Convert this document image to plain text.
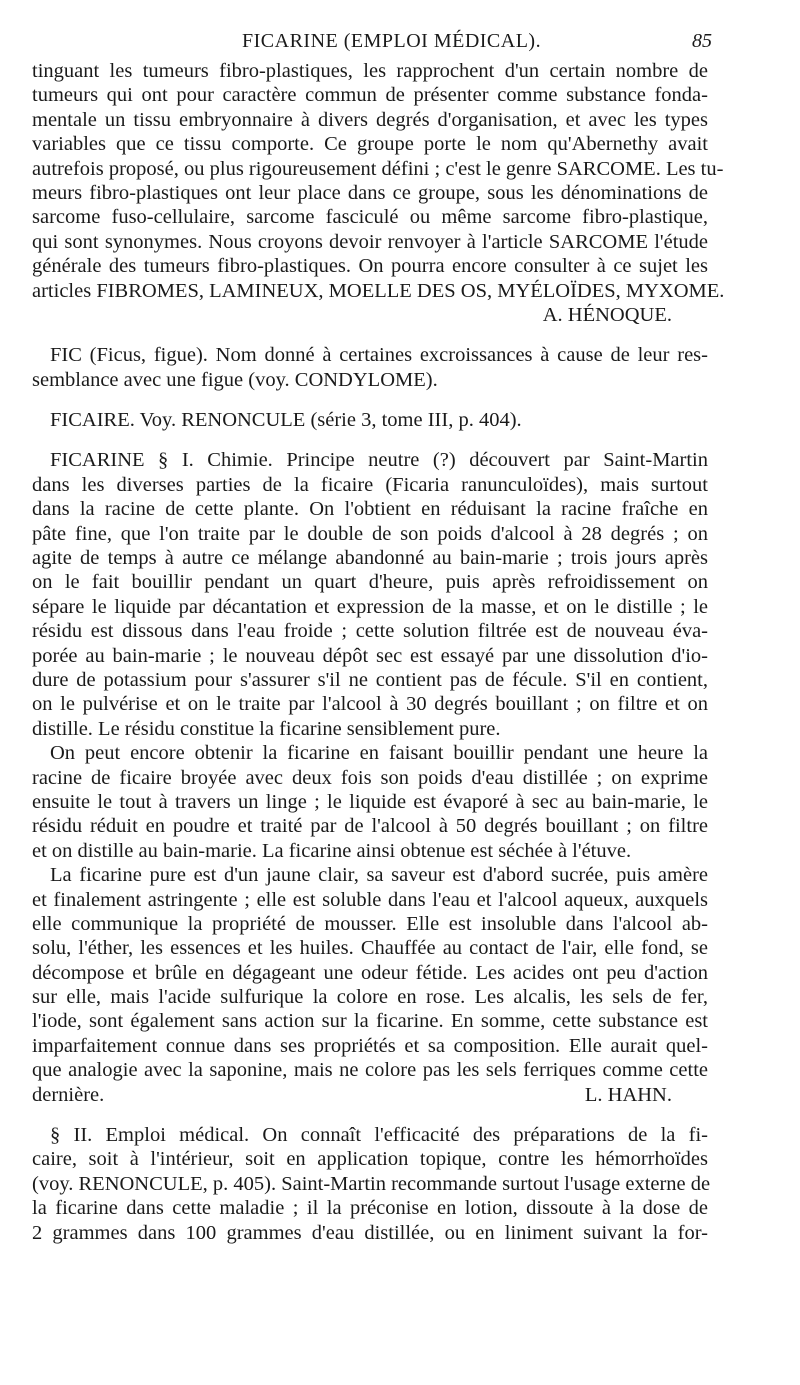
FICARINE (EMPLOI MÉDICAL).	85
tinguant les tumeurs fibro-plastiques, les rapprochent d'un certain nombre de
tumeurs qui ont pour caractère commun de présenter comme substance fonda-
mentale un tissu embryonnaire à divers degrés d'organisation, et avec les types
variables que ce tissu comporte. Ce groupe porte le nom qu'Abernethy avait
autrefois proposé, ou plus rigoureusement défini ; c'est le genre SARCOME. Les tu-
meurs fibro-plastiques ont leur place dans ce groupe, sous les dénominations de
sarcome fuso-cellulaire, sarcome fasciculé ou même sarcome fibro-plastique,
qui sont synonymes. Nous croyons devoir renvoyer à l'article SARCOME l'étude
générale des tumeurs fibro-plastiques. On pourra encore consulter à ce sujet les
articles FIBROMES, LAMINEUX, MOELLE DES OS, MYÉLOÏDES, MYXOME.
A. HÉNOQUE.
FIC (Ficus, figue). Nom donné à certaines excroissances à cause de leur res-
semblance avec une figue (voy. CONDYLOME).
FICAIRE. Voy. RENONCULE (série 3, tome III, p. 404).
FICARINE § I. Chimie. Principe neutre (?) découvert par Saint-Martin
dans les diverses parties de la ficaire (Ficaria ranunculoïdes), mais surtout
dans la racine de cette plante. On l'obtient en réduisant la racine fraîche en
pâte fine, que l'on traite par le double de son poids d'alcool à 28 degrés ; on
agite de temps à autre ce mélange abandonné au bain-marie ; trois jours après
on le fait bouillir pendant un quart d'heure, puis après refroidissement on
sépare le liquide par décantation et expression de la masse, et on le distille ; le
résidu est dissous dans l'eau froide ; cette solution filtrée est de nouveau éva-
porée au bain-marie ; le nouveau dépôt sec est essayé par une dissolution d'io-
dure de potassium pour s'assurer s'il ne contient pas de fécule. S'il en contient,
on le pulvérise et on le traite par l'alcool à 30 degrés bouillant ; on filtre et on
distille. Le résidu constitue la ficarine sensiblement pure.
On peut encore obtenir la ficarine en faisant bouillir pendant une heure la
racine de ficaire broyée avec deux fois son poids d'eau distillée ; on exprime
ensuite le tout à travers un linge ; le liquide est évaporé à sec au bain-marie, le
résidu réduit en poudre et traité par de l'alcool à 50 degrés bouillant ; on filtre
et on distille au bain-marie. La ficarine ainsi obtenue est séchée à l'étuve.
La ficarine pure est d'un jaune clair, sa saveur est d'abord sucrée, puis amère
et finalement astringente ; elle est soluble dans l'eau et l'alcool aqueux, auxquels
elle communique la propriété de mousser. Elle est insoluble dans l'alcool ab-
solu, l'éther, les essences et les huiles. Chauffée au contact de l'air, elle fond, se
décompose et brûle en dégageant une odeur fétide. Les acides ont peu d'action
sur elle, mais l'acide sulfurique la colore en rose. Les alcalis, les sels de fer,
l'iode, sont également sans action sur la ficarine. En somme, cette substance est
imparfaitement connue dans ses propriétés et sa composition. Elle aurait quel-
que analogie avec la saponine, mais ne colore pas les sels ferriques comme cette
dernière.	L. HAHN.
§ II. Emploi médical. On connaît l'efficacité des préparations de la fi-
caire, soit à l'intérieur, soit en application topique, contre les hémorrhoïdes
(voy. RENONCULE, p. 405). Saint-Martin recommande surtout l'usage externe de
la ficarine dans cette maladie ; il la préconise en lotion, dissoute à la dose de
2 grammes dans 100 grammes d'eau distillée, ou en liniment suivant la for-
